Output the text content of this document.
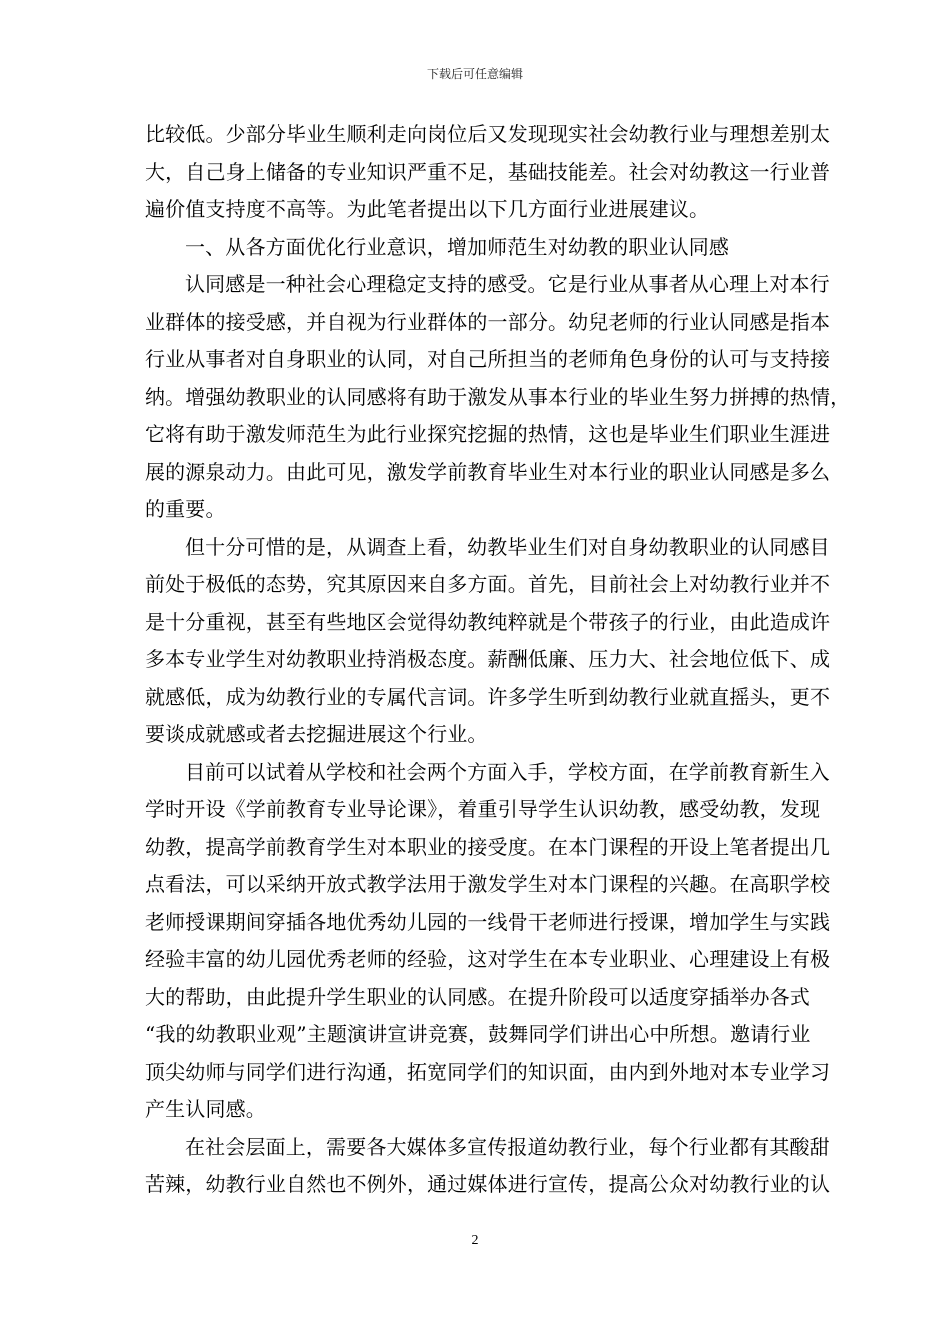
下载后可任意编辑
比较低。少部分毕业生顺利走向岗位后又发现现实社会幼教行业与理想差别太
大，自己身上储备的专业知识严重不足，基础技能差。社会对幼教这一行业普
遍价值支持度不高等。为此笔者提出以下几方面行业进展建议。
一、从各方面优化行业意识，增加师范生对幼教的职业认同感
认同感是一种社会心理稳定支持的感受。它是行业从事者从心理上对本行
业群体的接受感，并自视为行业群体的一部分。幼兒老师的行业认同感是指本
行业从事者对自身职业的认同，对自己所担当的老师角色身份的认可与支持接
纳。增强幼教职业的认同感将有助于激发从事本行业的毕业生努力拼搏的热情，
它将有助于激发师范生为此行业探究挖掘的热情，这也是毕业生们职业生涯进
展的源泉动力。由此可见，激发学前教育毕业生对本行业的职业认同感是多么
的重要。
但十分可惜的是，从调查上看，幼教毕业生们对自身幼教职业的认同感目
前处于极低的态势，究其原因来自多方面。首先，目前社会上对幼教行业并不
是十分重视，甚至有些地区会觉得幼教纯粹就是个带孩子的行业，由此造成许
多本专业学生对幼教职业持消极态度。薪酬低廉、压力大、社会地位低下、成
就感低，成为幼教行业的专属代言词。许多学生听到幼教行业就直摇头，更不
要谈成就感或者去挖掘进展这个行业。
目前可以试着从学校和社会两个方面入手，学校方面，在学前教育新生入
学时开设《学前教育专业导论课》，着重引导学生认识幼教，感受幼教，发现
幼教，提高学前教育学生对本职业的接受度。在本门课程的开设上笔者提出几
点看法，可以采纳开放式教学法用于激发学生对本门课程的兴趣。在高职学校
老师授课期间穿插各地优秀幼儿园的一线骨干老师进行授课，增加学生与实践
经验丰富的幼儿园优秀老师的经验，这对学生在本专业职业、心理建设上有极
大的帮助，由此提升学生职业的认同感。在提升阶段可以适度穿插举办各式
“我的幼教职业观”主题演讲宣讲竞赛，鼓舞同学们讲出心中所想。邀请行业
顶尖幼师与同学们进行沟通，拓宽同学们的知识面，由内到外地对本专业学习
产生认同感。
在社会层面上，需要各大媒体多宣传报道幼教行业，每个行业都有其酸甜
苦辣，幼教行业自然也不例外，通过媒体进行宣传，提高公众对幼教行业的认
2
